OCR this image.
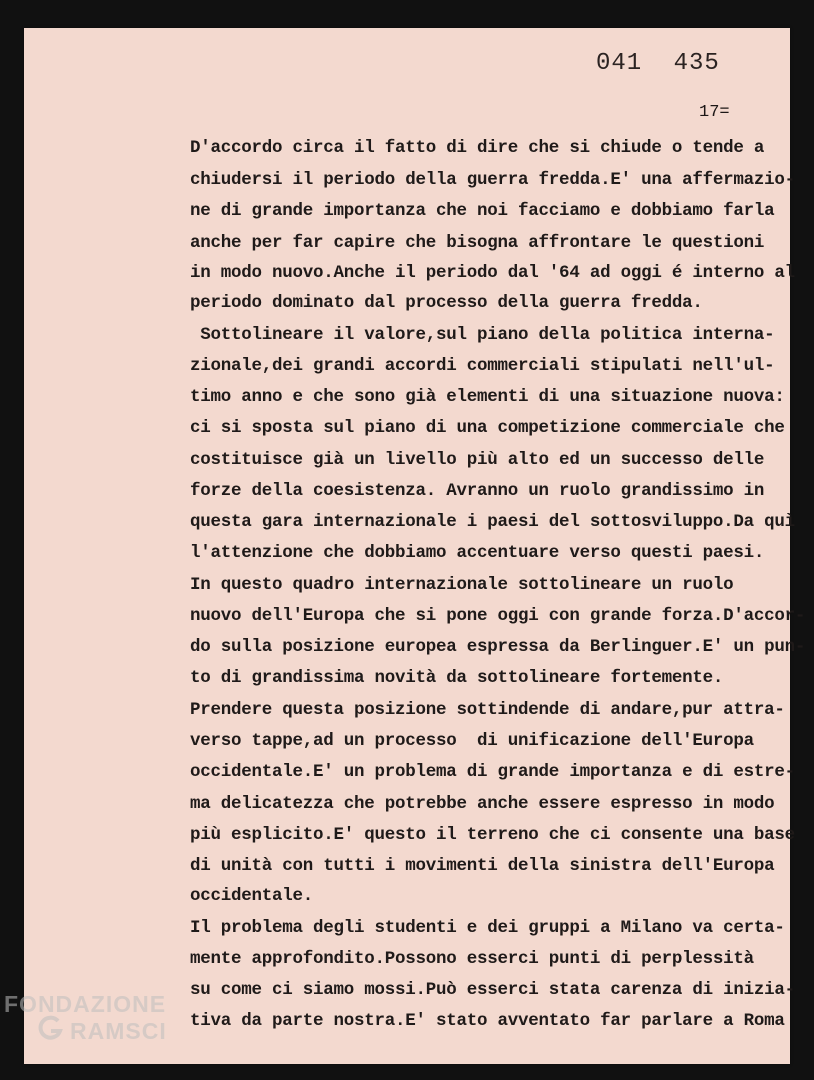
041 435
17=
D'accordo circa il fatto di dire che si chiude o tende a
chiudersi il periodo della guerra fredda.E' una affermazio-
ne di grande importanza che noi facciamo e dobbiamo farla
anche per far capire che bisogna affrontare le questioni
in modo nuovo.Anche il periodo dal '64 ad oggi é interno al
periodo dominato dal processo della guerra fredda.
Sottolineare il valore,sul piano della politica interna-
zionale,dei grandi accordi commerciali stipulati nell'ul-
timo anno e che sono già elementi di una situazione nuova:
ci si sposta sul piano di una competizione commerciale che
costituisce già un livello più alto ed un successo delle
forze della coesistenza. Avranno un ruolo grandissimo in
questa gara internazionale i paesi del sottosviluppo.Da quì
l'attenzione che dobbiamo accentuare verso questi paesi.
In questo quadro internazionale sottolineare un ruolo
nuovo dell'Europa che si pone oggi con grande forza.D'accor-
do sulla posizione europea espressa da Berlinguer.E' un pun-
to di grandissima novità da sottolineare fortemente.
Prendere questa posizione sottindende di andare,pur attra-
verso tappe,ad un processo  di unificazione dell'Europa
occidentale.E' un problema di grande importanza e di estre-
ma delicatezza che potrebbe anche essere espresso in modo
più esplicito.E' questo il terreno che ci consente una base
di unità con tutti i movimenti della sinistra dell'Europa
occidentale.
Il problema degli studenti e dei gruppi a Milano va certa-
mente approfondito.Possono esserci punti di perplessità
su come ci siamo mossi.Può esserci stata carenza di inizia-
tiva da parte nostra.E' stato avventato far parlare a Roma
FONDAZIONE
RAMSCI
